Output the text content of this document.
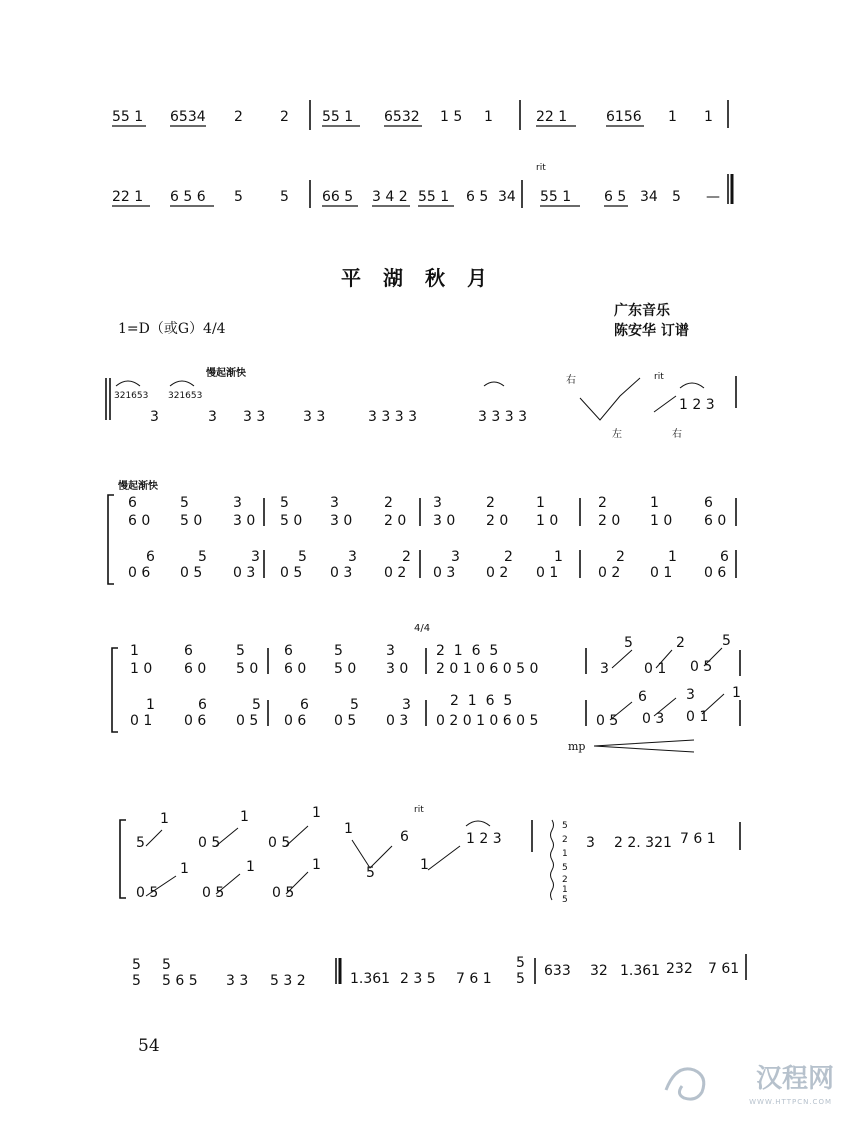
55 1 6534 2	2 55 1 6532 1 5 1	22 1	6156 1 1
22 1 6 5 6 5	5 66 5 3 4 2 55 1 6 5 34 55 1 6 5 34 5 —
rit
平湖秋月
广东音乐
陈安华 订谱
1=D（或G）4/4
慢起渐快
321653
3
321653
3 3 3	3 3	3 3 3 3	3 3 3 3
1 2 3
右
左	右
rit
慢起渐快
6	5	3	5	3	2	3	2	1	2	1	6
6 0 5 0 3 0 5 0 3 0 2 0 3 0 2 0 1 0	2 0 1 0 6 0
6	5	3	5	3	2	3	2	1	2	1	6
0 6 0 5 0 3 0 5 0 3 0 2 0 3 0 2 0 1	0 2 0 1 0 6
4/4
1	6	5	6	5	3	2  1  6  5	5	2	5
1 0 6 0 5 0 6 0 5 0 3 0 2 0 1 0 6 0 5 0	3	0 1 0 5
1	6	5	6	5	3	2  1  6  5	6	3	1
0 1 0 6 0 5 0 6 0 5 0 3 0 2 0 1 0 6 0 5	0 5 0 3 0 1
mp
5
1
0 5
1
0 5
1
1	6	1 2 3	3 2 2. 321 7 6 1
rit
0 5
1
0 5
1
0 5
1	5	1
5
2
1
5
2
1
5
5
5
5
5 6 5 3 3 5 3 2	1.361 2 3 5 7 6 1
5
5 633 32 1.361 232 7 61
54
汉程网
WWW.HTTPCN.COM
